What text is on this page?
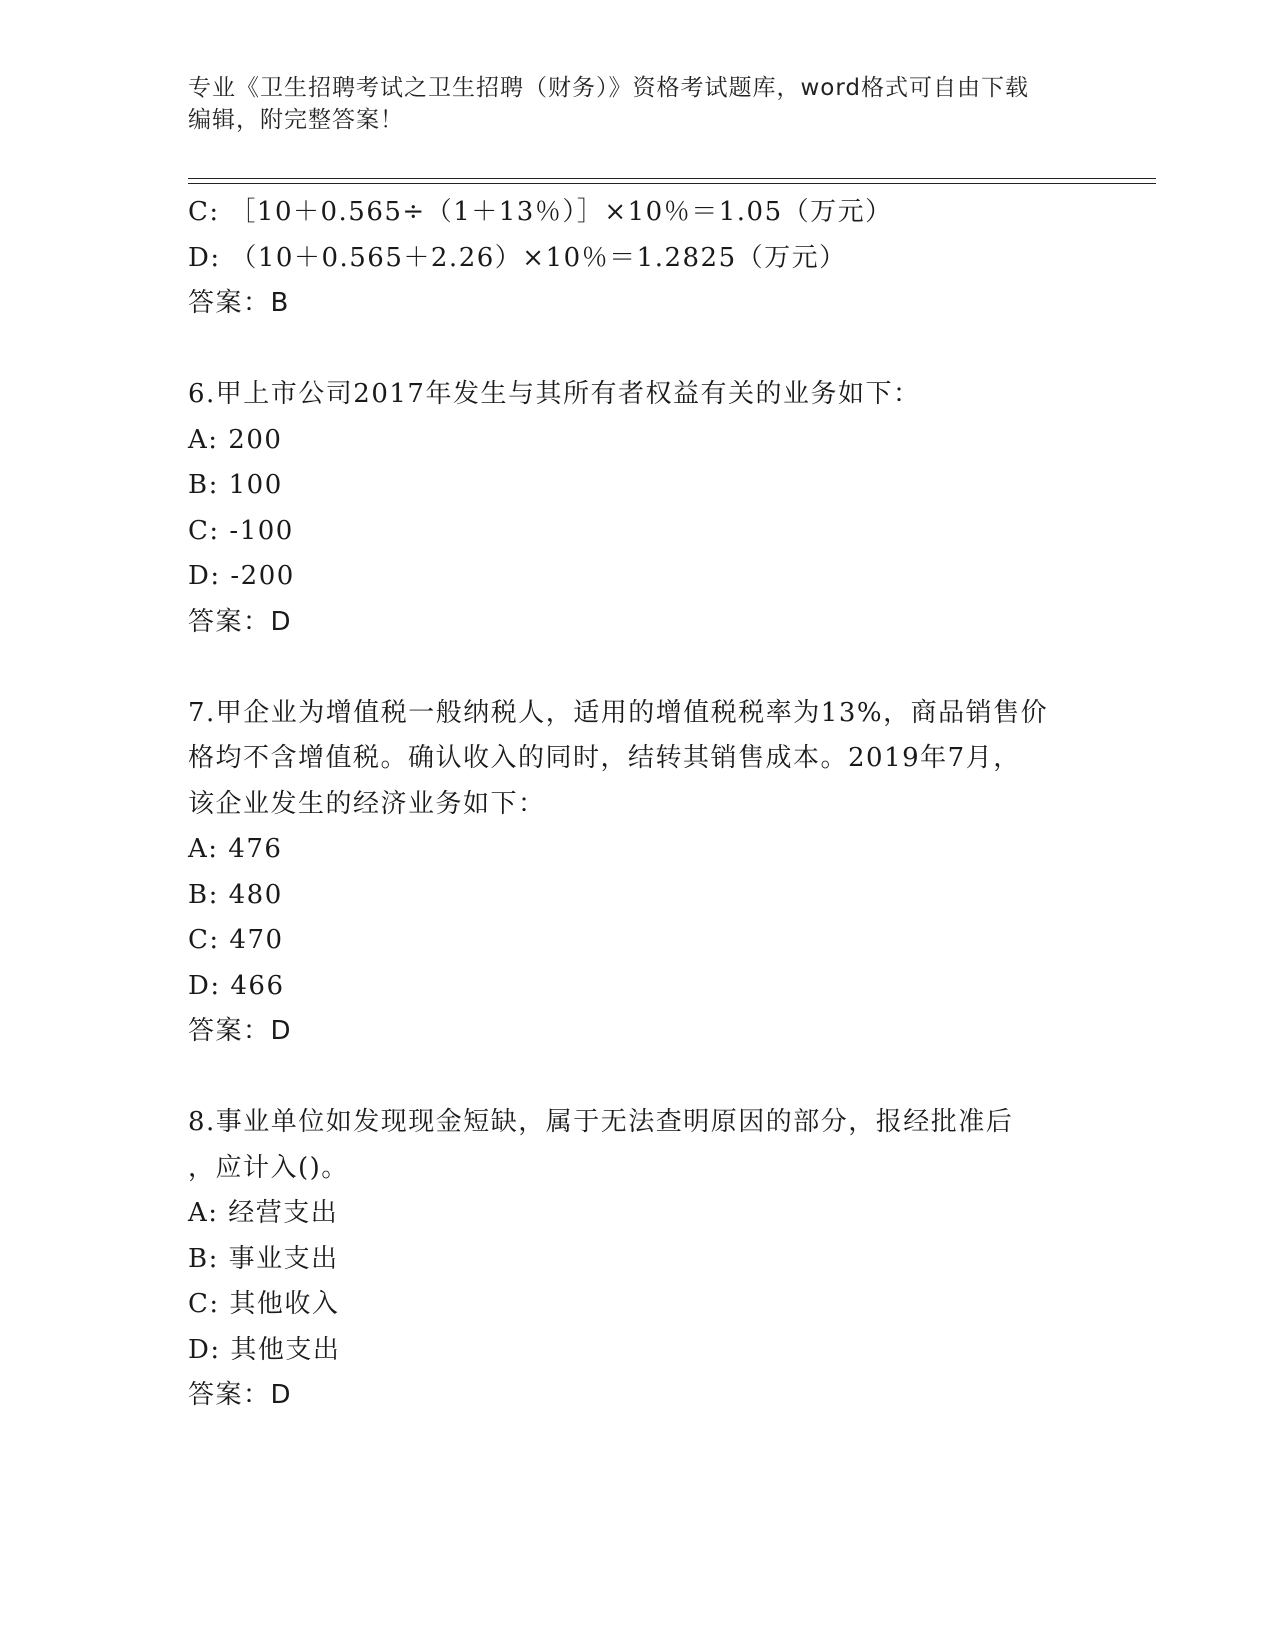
专业《卫生招聘考试之卫生招聘（财务）》资格考试题库，word格式可自由下载
编辑，附完整答案！
C: ［10＋0.565÷（1＋13％）］×10％＝1.05（万元）
D: （10＋0.565＋2.26）×10％＝1.2825（万元）
答案：B
6.甲上市公司2017年发生与其所有者权益有关的业务如下：
A: 200
B: 100
C: -100
D: -200
答案：D
7.甲企业为增值税一般纳税人，适用的增值税税率为13%，商品销售价
格均不含增值税。确认收入的同时，结转其销售成本。2019年7月，
该企业发生的经济业务如下：
A: 476
B: 480
C: 470
D: 466
答案：D
8.事业单位如发现现金短缺，属于无法查明原因的部分，报经批准后
，应计入()。
A: 经营支出
B: 事业支出
C: 其他收入
D: 其他支出
答案：D
